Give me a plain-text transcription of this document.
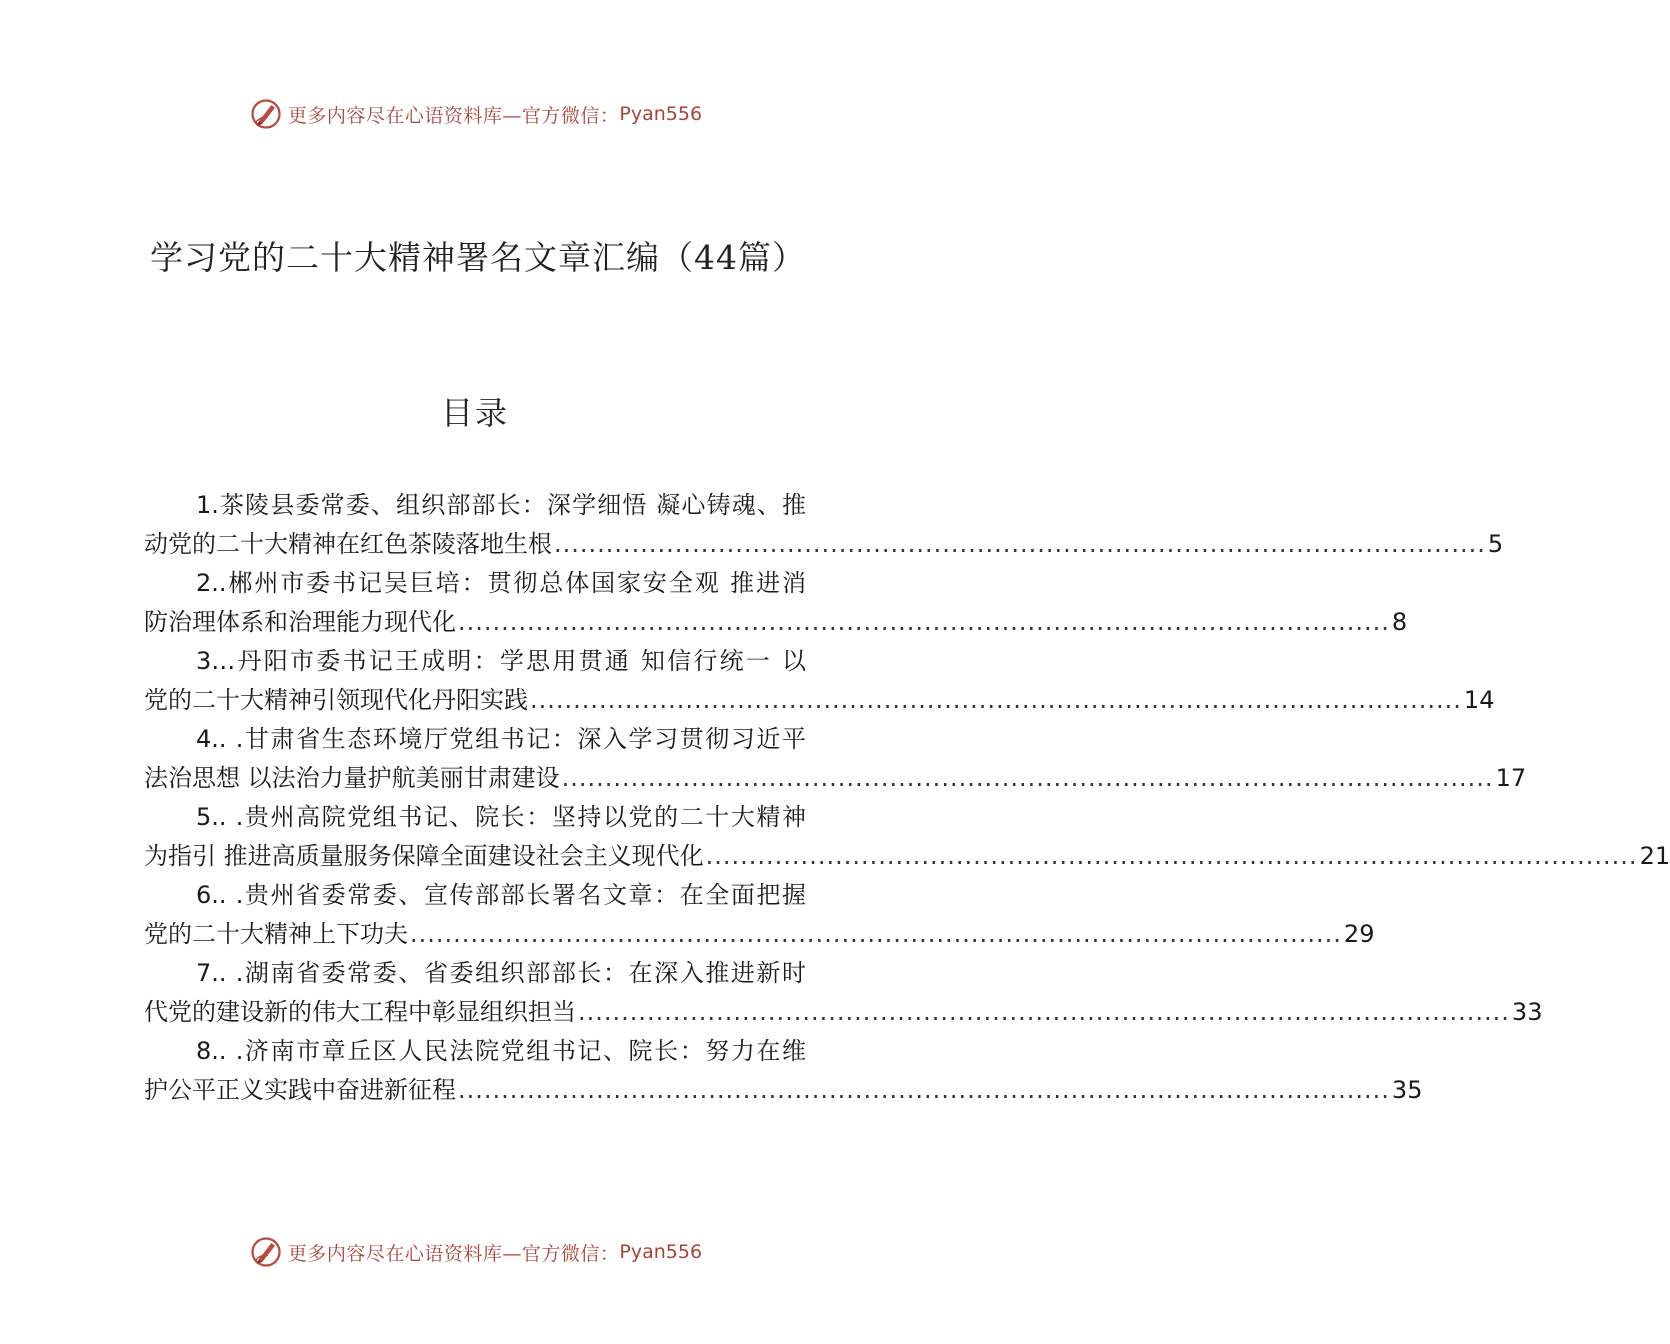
更多内容尽在心语资料库—官方微信： Pyan556
学习党的二十大精神署名文章汇编（44篇）
目录
1.茶陵县委常委、组织部部长：深学细悟 凝心铸魂、推
动党的二十大精神在红色茶陵落地生根 ............................................................................................................ 5
2..郴州市委书记吴巨培：贯彻总体国家安全观 推进消
防治理体系和治理能力现代化 ............................................................................................................ 8
3…丹阳市委书记王成明：学思用贯通 知信行统一 以
党的二十大精神引领现代化丹阳实践 ............................................................................................................ 14
4.. .甘肃省生态环境厅党组书记：深入学习贯彻习近平
法治思想 以法治力量护航美丽甘肃建设 ............................................................................................................ 17
5.. .贵州高院党组书记、院长：坚持以党的二十大精神
为指引 推进高质量服务保障全面建设社会主义现代化 ............................................................................................................ 21
6.. .贵州省委常委、宣传部部长署名文章：在全面把握
党的二十大精神上下功夫 ............................................................................................................ 29
7.. .湖南省委常委、省委组织部部长：在深入推进新时
代党的建设新的伟大工程中彰显组织担当 ............................................................................................................ 33
8.. .济南市章丘区人民法院党组书记、院长：努力在维
护公平正义实践中奋进新征程 ............................................................................................................ 35
更多内容尽在心语资料库—官方微信： Pyan556
